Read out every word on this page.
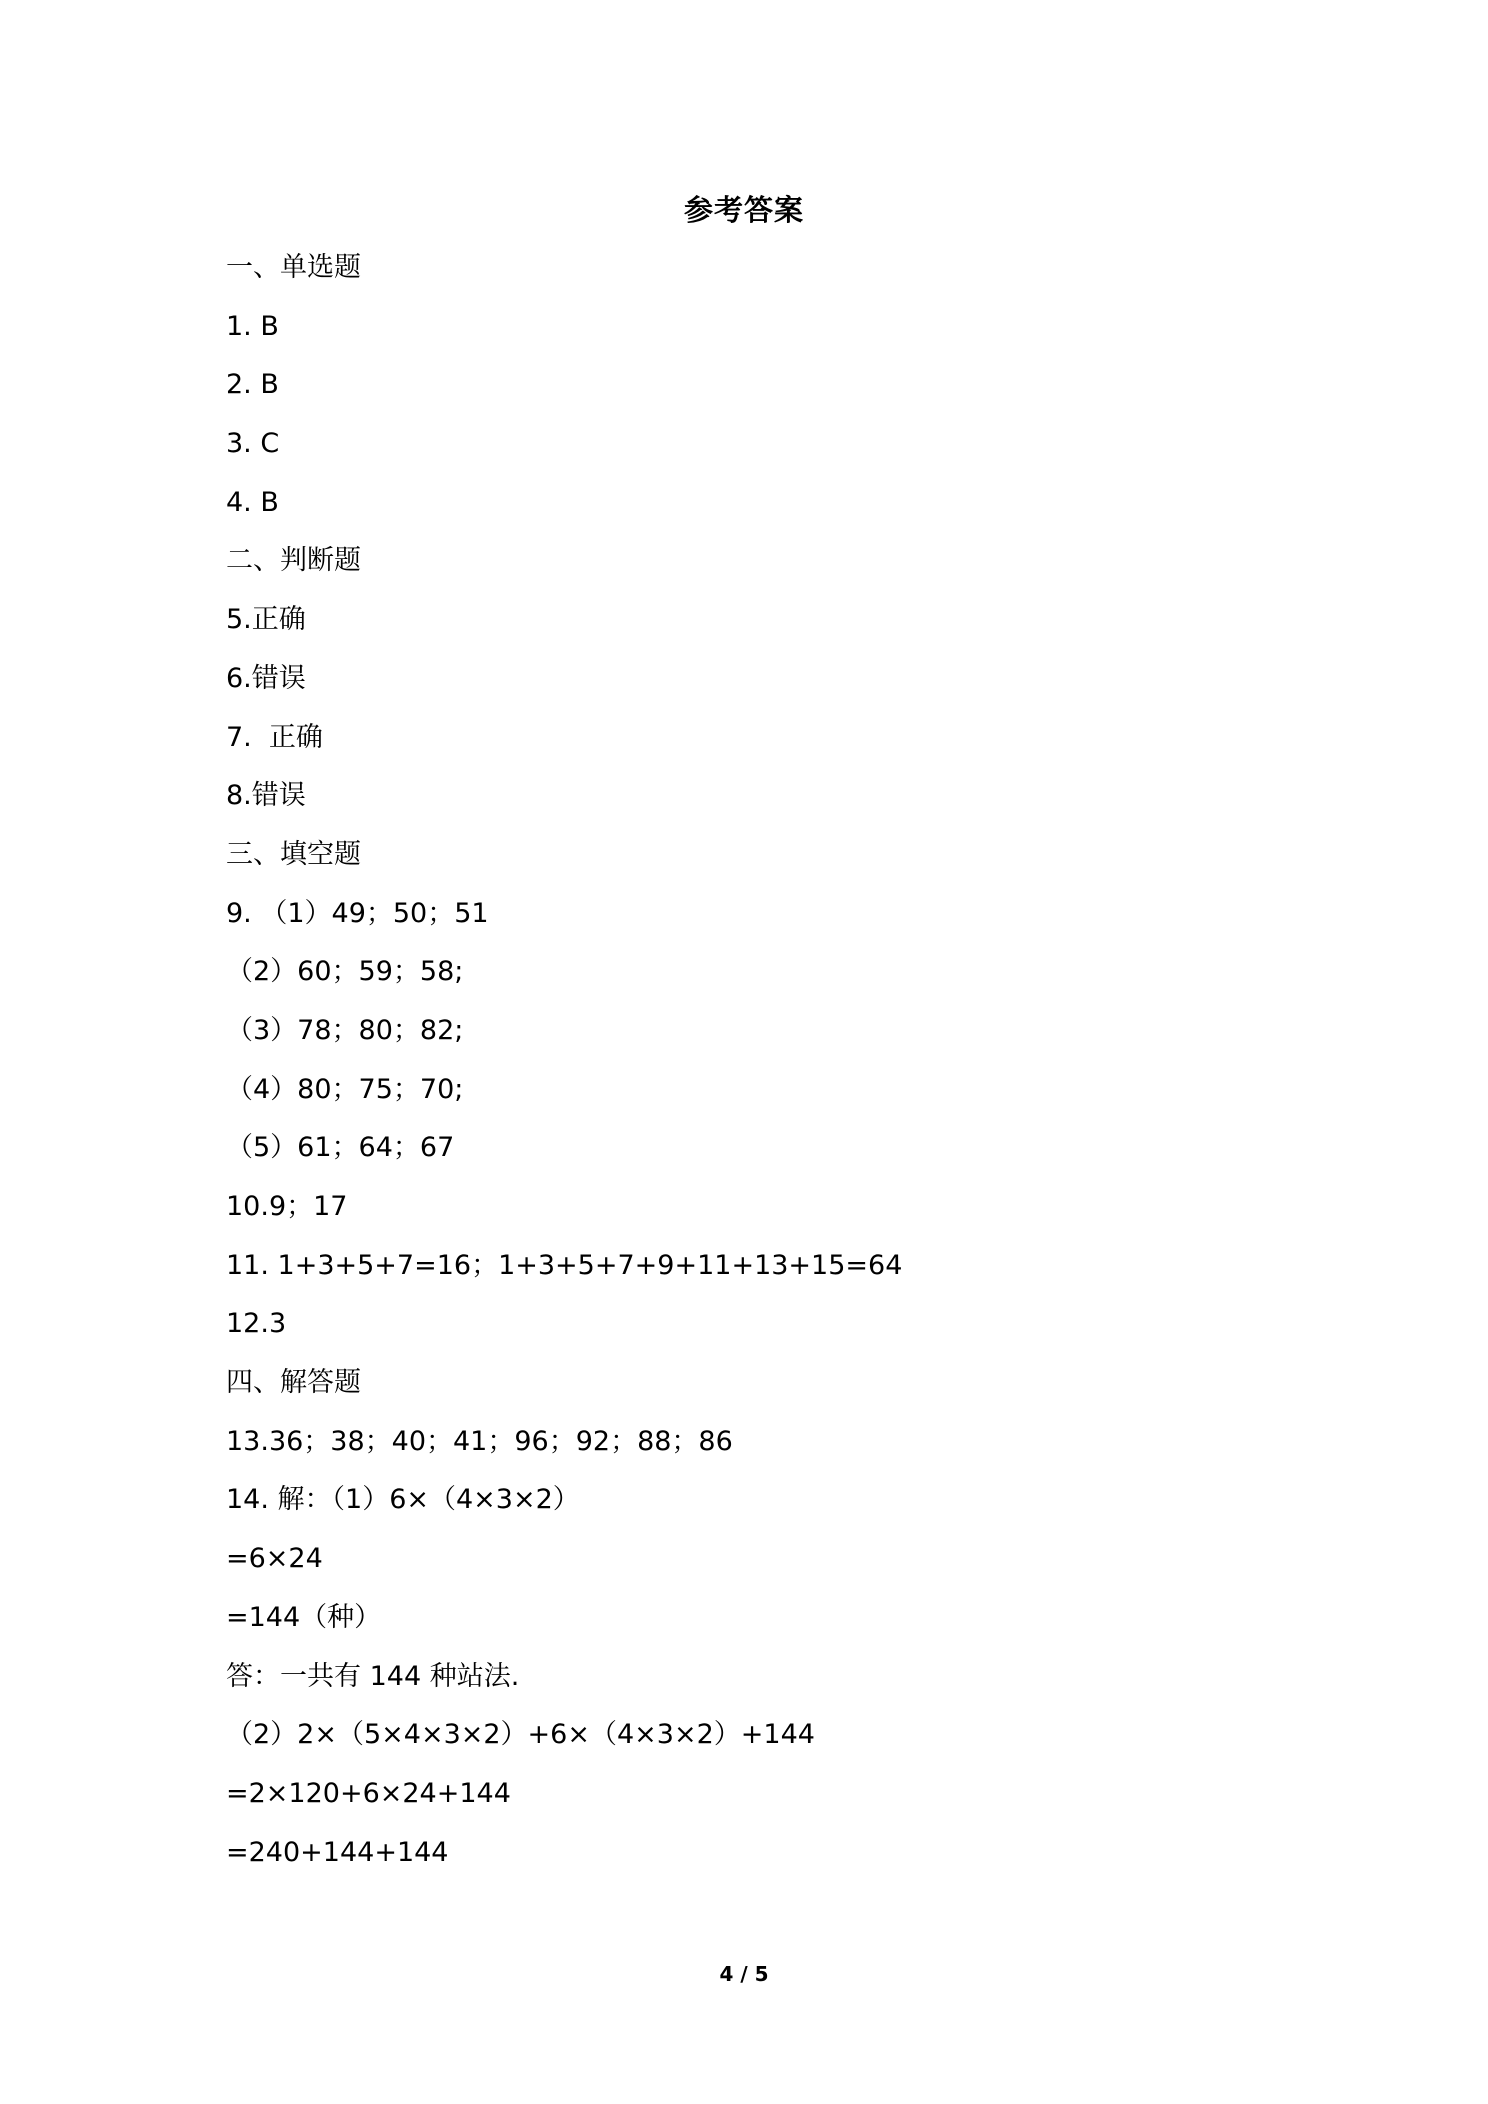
参考答案
一、单选题
1. B
2. B
3. C
4. B
二、判断题
5.正确
6.错误
7.  正确
8.错误
三、填空题
9. （1）49；50；51
（2）60；59；58;
（3）78；80；82;
（4）80；75；70;
（5）61；64；67
10.9；17
11. 1+3+5+7=16；1+3+5+7+9+11+13+15=64
12.3
四、解答题
13.36；38；40；41；96；92；88；86
14. 解：（1）6×（4×3×2）
=6×24
=144（种）
答：一共有 144 种站法.
（2）2×（5×4×3×2）+6×（4×3×2）+144
=2×120+6×24+144
=240+144+144
4 / 5
